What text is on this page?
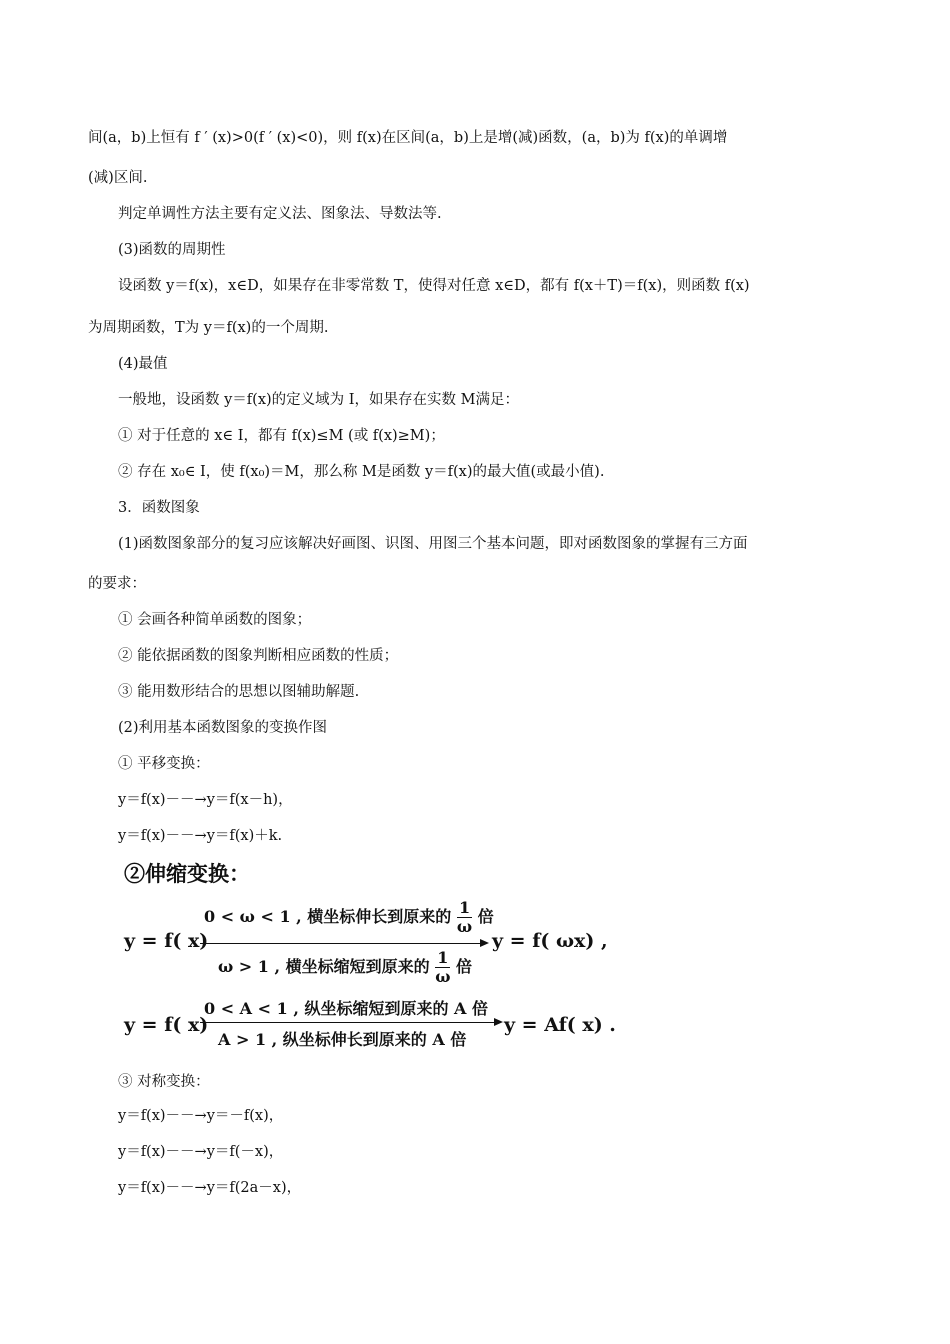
间(a，b)上恒有 f ′ (x)>0(f ′ (x)<0)，则 f(x)在区间(a，b)上是增(减)函数，(a，b)为 f(x)的单调增
(减)区间.
判定单调性方法主要有定义法、图象法、导数法等.
(3)函数的周期性
设函数 y＝f(x)，x∈D，如果存在非零常数 T，使得对任意 x∈D，都有 f(x＋T)＝f(x)，则函数 f(x)
为周期函数，T为 y＝f(x)的一个周期.
(4)最值
一般地，设函数 y＝f(x)的定义域为 I，如果存在实数 M满足：
① 对于任意的 x∈ I，都有 f(x)≤M (或 f(x)≥M)；
② 存在 x₀∈ I，使 f(x₀)＝M，那么称 M是函数 y＝f(x)的最大值(或最小值).
3．函数图象
(1)函数图象部分的复习应该解决好画图、识图、用图三个基本问题，即对函数图象的掌握有三方面
的要求：
① 会画各种简单函数的图象；
② 能依据函数的图象判断相应函数的性质；
③ 能用数形结合的思想以图辅助解题.
(2)利用基本函数图象的变换作图
① 平移变换：
y＝f(x)－－→y＝f(x－h)，
y＝f(x)－－→y＝f(x)＋k.
②伸缩变换：
y = f( x)
0 < ω < 1 , 横坐标伸长到原来的 $\frac{1}{\omega}$ 倍
ω > 1 , 横坐标缩短到原来的 $\frac{1}{\omega}$ 倍
y = f( ωx) ,
y = f( x)
0 < A < 1 , 纵坐标缩短到原来的 A 倍
A > 1 , 纵坐标伸长到原来的 A 倍
y = Af( x) .
③ 对称变换：
y＝f(x)－－→y＝－f(x)，
y＝f(x)－－→y＝f(－x)，
y＝f(x)－－→y＝f(2a－x)，
